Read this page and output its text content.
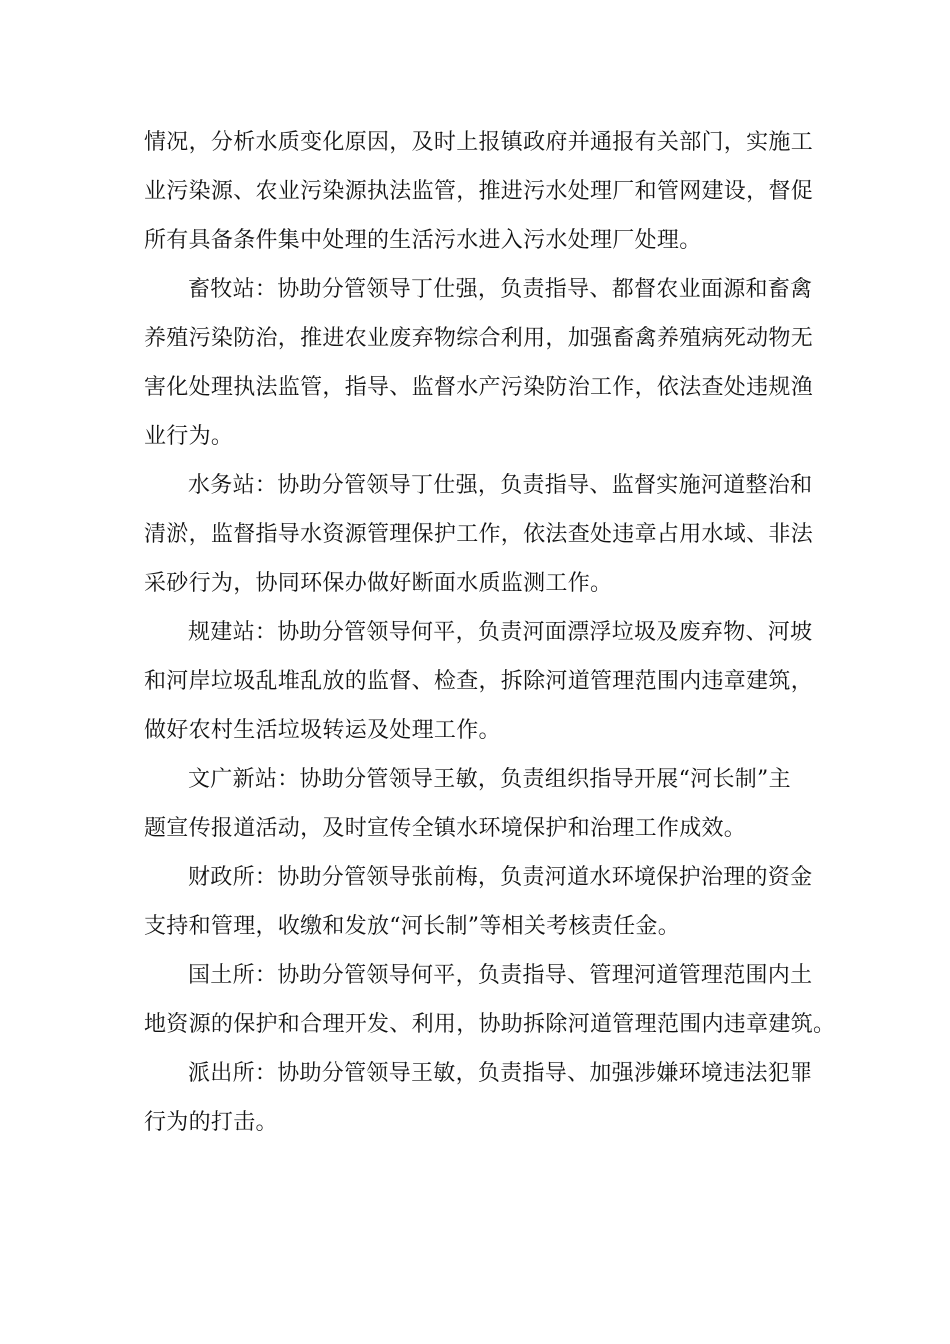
情况，分析水质变化原因，及时上报镇政府并通报有关部门，实施工
业污染源、农业污染源执法监管，推进污水处理厂和管网建设，督促
所有具备条件集中处理的生活污水进入污水处理厂处理。
畜牧站：协助分管领导丁仕强，负责指导、都督农业面源和畜禽
养殖污染防治，推进农业废弃物综合利用，加强畜禽养殖病死动物无
害化处理执法监管，指导、监督水产污染防治工作，依法查处违规渔
业行为。
水务站：协助分管领导丁仕强，负责指导、监督实施河道整治和
清淤，监督指导水资源管理保护工作，依法查处违章占用水域、非法
采砂行为，协同环保办做好断面水质监测工作。
规建站：协助分管领导何平，负责河面漂浮垃圾及废弃物、河坡
和河岸垃圾乱堆乱放的监督、检查，拆除河道管理范围内违章建筑，
做好农村生活垃圾转运及处理工作。
文广新站：协助分管领导王敏，负责组织指导开展“河长制”主
题宣传报道活动，及时宣传全镇水环境保护和治理工作成效。
财政所：协助分管领导张前梅，负责河道水环境保护治理的资金
支持和管理，收缴和发放“河长制”等相关考核责任金。
国土所：协助分管领导何平，负责指导、管理河道管理范围内土
地资源的保护和合理开发、利用，协助拆除河道管理范围内违章建筑。
派出所：协助分管领导王敏，负责指导、加强涉嫌环境违法犯罪
行为的打击。
